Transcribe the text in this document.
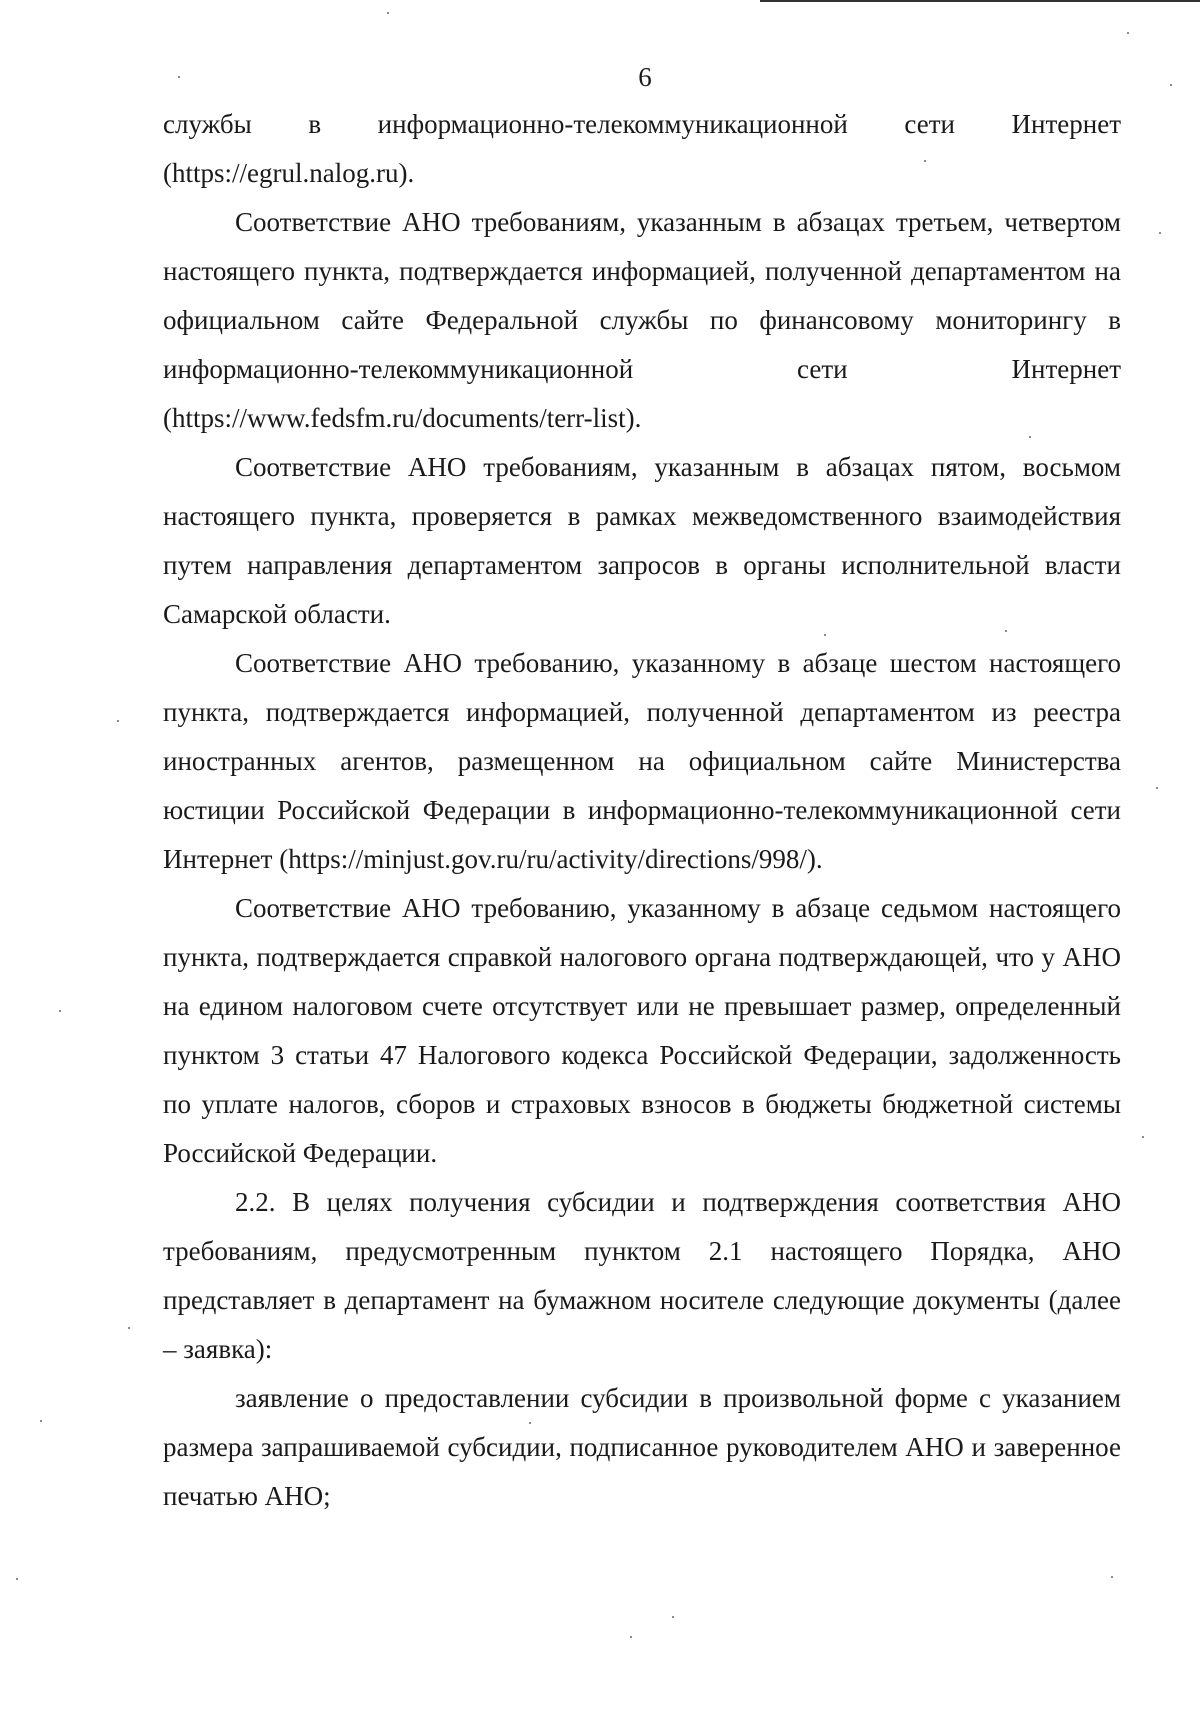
6

службы в информационно-телекоммуникационной сети Интернет (https://egrul.nalog.ru).

Соответствие АНО требованиям, указанным в абзацах третьем, четвертом настоящего пункта, подтверждается информацией, полученной департаментом на официальном сайте Федеральной службы по финансовому мониторингу в информационно-телекоммуникационной сети Интернет (https://www.fedsfm.ru/documents/terr-list).

Соответствие АНО требованиям, указанным в абзацах пятом, восьмом настоящего пункта, проверяется в рамках межведомственного взаимодействия путем направления департаментом запросов в органы исполнительной власти Самарской области.

Соответствие АНО требованию, указанному в абзаце шестом настоящего пункта, подтверждается информацией, полученной департаментом из реестра иностранных агентов, размещенном на официальном сайте Министерства юстиции Российской Федерации в информационно-телекоммуникационной сети Интернет (https://minjust.gov.ru/ru/activity/directions/998/).

Соответствие АНО требованию, указанному в абзаце седьмом настоящего пункта, подтверждается справкой налогового органа подтверждающей, что у АНО на едином налоговом счете отсутствует или не превышает размер, определенный пунктом 3 статьи 47 Налогового кодекса Российской Федерации, задолженность по уплате налогов, сборов и страховых взносов в бюджеты бюджетной системы Российской Федерации.

2.2. В целях получения субсидии и подтверждения соответствия АНО требованиям, предусмотренным пунктом 2.1 настоящего Порядка, АНО представляет в департамент на бумажном носителе следующие документы (далее – заявка):

заявление о предоставлении субсидии в произвольной форме с указанием размера запрашиваемой субсидии, подписанное руководителем АНО и заверенное печатью АНО;
